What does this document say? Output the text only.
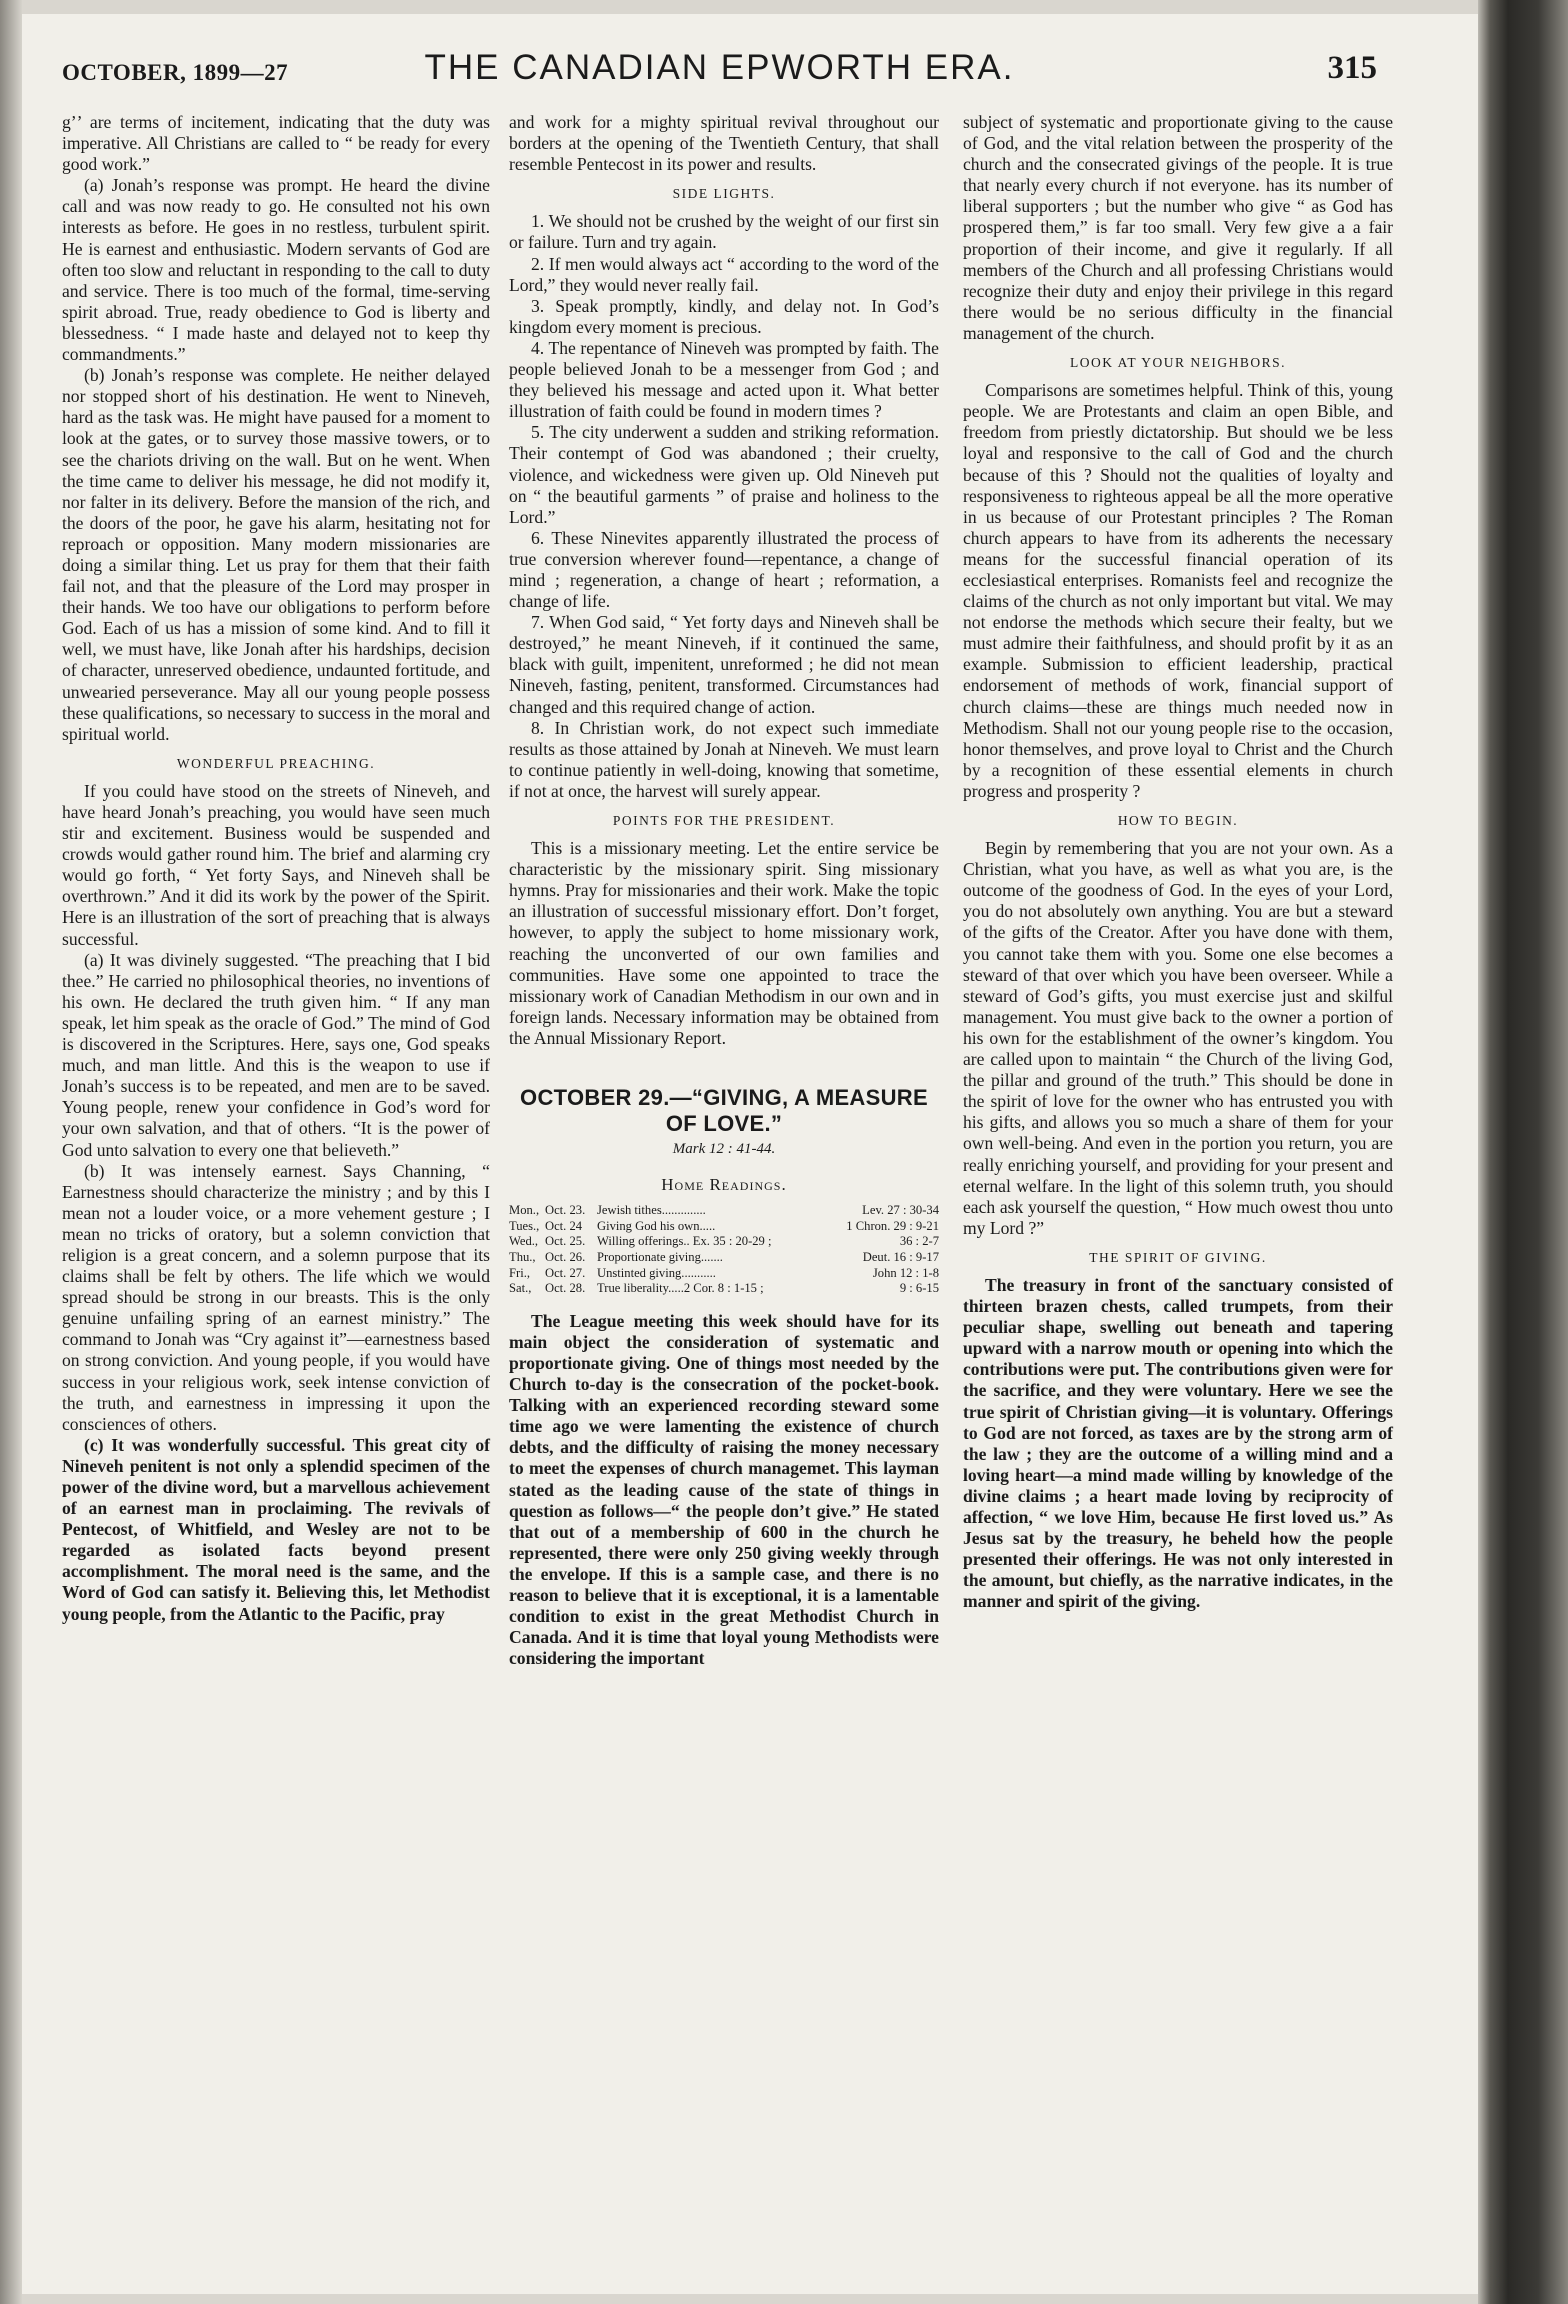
OCTOBER, 1899—27	THE CANADIAN EPWORTH ERA.	315

gʼ’ are terms of incitement, indicating that the duty was imperative. All Christians are called to “ be ready for every good work.”

(a) Jonah’s response was prompt. He heard the divine call and was now ready to go. He consulted not his own interests as before. He goes in no restless, turbulent spirit. He is earnest and enthusiastic. Modern servants of God are often too slow and reluctant in responding to the call to duty and service. There is too much of the formal, time-serving spirit abroad. True, ready obedience to God is liberty and blessedness. “ I made haste and delayed not to keep thy commandments.”

(b) Jonah’s response was complete. He neither delayed nor stopped short of his destination. He went to Nineveh, hard as the task was. He might have paused for a moment to look at the gates, or to survey those massive towers, or to see the chariots driving on the wall. But on he went. When the time came to deliver his message, he did not modify it, nor falter in its delivery. Before the mansion of the rich, and the doors of the poor, he gave his alarm, hesitating not for reproach or opposition. Many modern missionaries are doing a similar thing. Let us pray for them that their faith fail not, and that the pleasure of the Lord may prosper in their hands. We too have our obligations to perform before God. Each of us has a mission of some kind. And to fill it well, we must have, like Jonah after his hardships, decision of character, unreserved obedience, undaunted fortitude, and unwearied perseverance. May all our young people possess these qualifications, so necessary to success in the moral and spiritual world.

WONDERFUL PREACHING.

If you could have stood on the streets of Nineveh, and have heard Jonah’s preaching, you would have seen much stir and excitement. Business would be suspended and crowds would gather round him. The brief and alarming cry would go forth, “ Yet forty Says, and Nineveh shall be overthrown.” And it did its work by the power of the Spirit. Here is an illustration of the sort of preaching that is always successful.

(a) It was divinely suggested. “The preaching that I bid thee.” He carried no philosophical theories, no inventions of his own. He declared the truth given him. “ If any man speak, let him speak as the oracle of God.” The mind of God is discovered in the Scriptures. Here, says one, God speaks much, and man little. And this is the weapon to use if Jonah’s success is to be repeated, and men are to be saved. Young people, renew your confidence in God’s word for your own salvation, and that of others. “It is the power of God unto salvation to every one that believeth.”

(b) It was intensely earnest. Says Channing, “ Earnestness should characterize the ministry ; and by this I mean not a louder voice, or a more vehement gesture ; I mean no tricks of oratory, but a solemn conviction that religion is a great concern, and a solemn purpose that its claims shall be felt by others. The life which we would spread should be strong in our breasts. This is the only genuine unfailing spring of an earnest ministry.” The command to Jonah was “Cry against it”—earnestness based on strong conviction. And young people, if you would have success in your religious work, seek intense conviction of the truth, and earnestness in impressing it upon the consciences of others.

(c) It was wonderfully successful. This great city of Nineveh penitent is not only a splendid specimen of the power of the divine word, but a marvellous achievement of an earnest man in proclaiming. The revivals of Pentecost, of Whitfield, and Wesley are not to be regarded as isolated facts beyond present accomplishment. The moral need is the same, and the Word of God can satisfy it. Believing this, let Methodist young people, from the Atlantic to the Pacific, pray

and work for a mighty spiritual revival throughout our borders at the opening of the Twentieth Century, that shall resemble Pentecost in its power and results.

SIDE LIGHTS.

1. We should not be crushed by the weight of our first sin or failure. Turn and try again.

2. If men would always act “ according to the word of the Lord,” they would never really fail.

3. Speak promptly, kindly, and delay not. In God’s kingdom every moment is precious.

4. The repentance of Nineveh was prompted by faith. The people believed Jonah to be a messenger from God ; and they believed his message and acted upon it. What better illustration of faith could be found in modern times ?

5. The city underwent a sudden and striking reformation. Their contempt of God was abandoned ; their cruelty, violence, and wickedness were given up. Old Nineveh put on “ the beautiful garments ” of praise and holiness to the Lord.”

6. These Ninevites apparently illustrated the process of true conversion wherever found—repentance, a change of mind ; regeneration, a change of heart ; reformation, a change of life.

7. When God said, “ Yet forty days and Nineveh shall be destroyed,” he meant Nineveh, if it continued the same, black with guilt, impenitent, unreformed ; he did not mean Nineveh, fasting, penitent, transformed. Circumstances had changed and this required change of action.

8. In Christian work, do not expect such immediate results as those attained by Jonah at Nineveh. We must learn to continue patiently in well-doing, knowing that sometime, if not at once, the harvest will surely appear.

POINTS FOR THE PRESIDENT.

This is a missionary meeting. Let the entire service be characteristic by the missionary spirit. Sing missionary hymns. Pray for missionaries and their work. Make the topic an illustration of successful missionary effort. Don’t forget, however, to apply the subject to home missionary work, reaching the unconverted of our own families and communities. Have some one appointed to trace the missionary work of Canadian Methodism in our own and in foreign lands. Necessary information may be obtained from the Annual Missionary Report.

OCTOBER 29.—“GIVING, A MEASURE OF LOVE.”
Mark 12 : 41-44.
Home Readings.
Mon., Oct. 23. Jewish tithes..............	Lev. 27 : 30-34
Tues., Oct. 24	Giving God his own.....	1 Chron. 29 : 9-21
Wed., Oct. 25. Willing offerings.. Ex. 35 : 20-29 ;	36 : 2-7
Thu., Oct. 26. Proportionate giving.......	Deut. 16 : 9-17
Fri.,	Oct. 27. Unstinted giving...........	John 12 : 1-8
Sat.,	Oct. 28. True liberality.....2 Cor. 8 : 1-15 ;	9 : 6-15

The League meeting this week should have for its main object the consideration of systematic and proportionate giving. One of things most needed by the Church to-day is the consecration of the pocket-book. Talking with an experienced recording steward some time ago we were lamenting the existence of church debts, and the difficulty of raising the money necessary to meet the expenses of church managemet. This layman stated as the leading cause of the state of things in question as follows—“ the people don’t give.” He stated that out of a membership of 600 in the church he represented, there were only 250 giving weekly through the envelope. If this is a sample case, and there is no reason to believe that it is exceptional, it is a lamentable condition to exist in the great Methodist Church in Canada. And it is time that loyal young Methodists were considering the important

subject of systematic and proportionate giving to the cause of God, and the vital relation between the prosperity of the church and the consecrated givings of the people. It is true that nearly every church if not everyone. has its number of liberal supporters ; but the number who give “ as God has prospered them,” is far too small. Very few give a a fair proportion of their income, and give it regularly. If all members of the Church and all professing Christians would recognize their duty and enjoy their privilege in this regard there would be no serious difficulty in the financial management of the church.

LOOK AT YOUR NEIGHBORS.

Comparisons are sometimes helpful. Think of this, young people. We are Protestants and claim an open Bible, and freedom from priestly dictatorship. But should we be less loyal and responsive to the call of God and the church because of this ? Should not the qualities of loyalty and responsiveness to righteous appeal be all the more operative in us because of our Protestant principles ? The Roman church appears to have from its adherents the necessary means for the successful financial operation of its ecclesiastical enterprises. Romanists feel and recognize the claims of the church as not only important but vital. We may not endorse the methods which secure their fealty, but we must admire their faithfulness, and should profit by it as an example. Submission to efficient leadership, practical endorsement of methods of work, financial support of church claims—these are things much needed now in Methodism. Shall not our young people rise to the occasion, honor themselves, and prove loyal to Christ and the Church by a recognition of these essential elements in church progress and prosperity ?

HOW TO BEGIN.

Begin by remembering that you are not your own. As a Christian, what you have, as well as what you are, is the outcome of the goodness of God. In the eyes of your Lord, you do not absolutely own anything. You are but a steward of the gifts of the Creator. After you have done with them, you cannot take them with you. Some one else becomes a steward of that over which you have been overseer. While a steward of God’s gifts, you must exercise just and skilful management. You must give back to the owner a portion of his own for the establishment of the owner’s kingdom. You are called upon to maintain “ the Church of the living God, the pillar and ground of the truth.” This should be done in the spirit of love for the owner who has entrusted you with his gifts, and allows you so much a share of them for your own well-being. And even in the portion you return, you are really enriching yourself, and providing for your present and eternal welfare. In the light of this solemn truth, you should each ask yourself the question, “ How much owest thou unto my Lord ?”

THE SPIRIT OF GIVING.

The treasury in front of the sanctuary consisted of thirteen brazen chests, called trumpets, from their peculiar shape, swelling out beneath and tapering upward with a narrow mouth or opening into which the contributions were put. The contributions given were for the sacrifice, and they were voluntary. Here we see the true spirit of Christian giving—it is voluntary. Offerings to God are not forced, as taxes are by the strong arm of the law ; they are the outcome of a willing mind and a loving heart—a mind made willing by knowledge of the divine claims ; a heart made loving by reciprocity of affection, “ we love Him, because He first loved us.” As Jesus sat by the treasury, he beheld how the people presented their offerings. He was not only interested in the amount, but chiefly, as the narrative indicates, in the manner and spirit of the giving.
